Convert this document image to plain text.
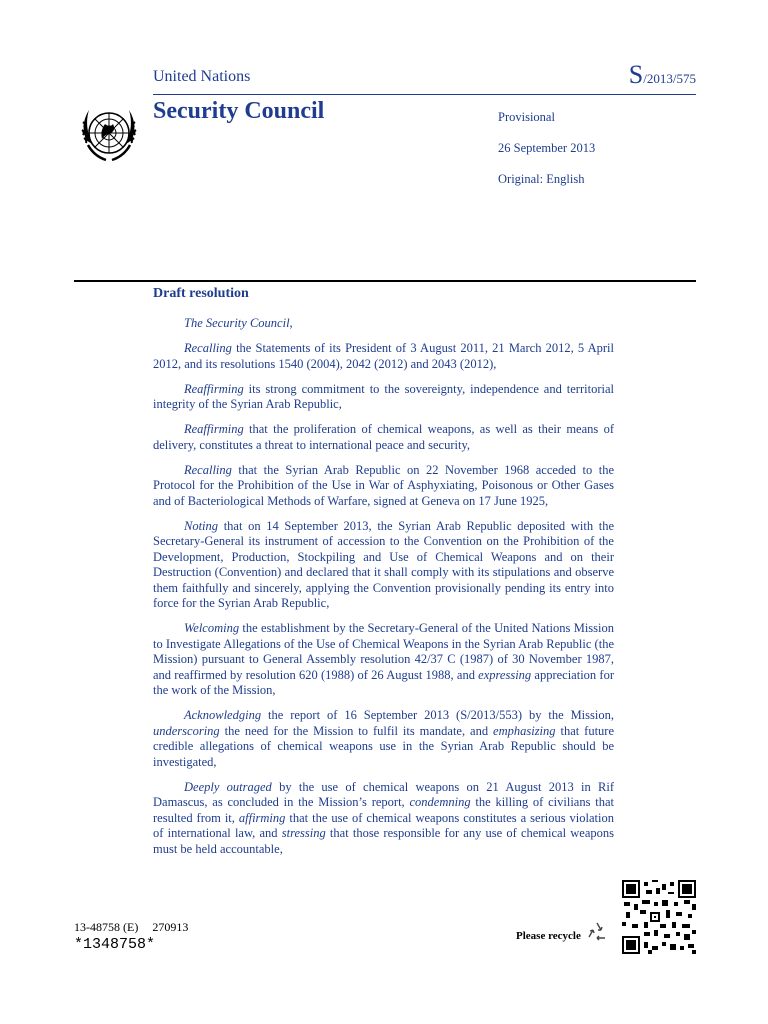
United Nations	S/2013/575
Security Council	Provisional
26 September 2013
Original: English
Draft resolution

The Security Council,

Recalling the Statements of its President of 3 August 2011, 21 March 2012, 5 April 2012, and its resolutions 1540 (2004), 2042 (2012) and 2043 (2012),

Reaffirming its strong commitment to the sovereignty, independence and territorial integrity of the Syrian Arab Republic,

Reaffirming that the proliferation of chemical weapons, as well as their means of delivery, constitutes a threat to international peace and security,

Recalling that the Syrian Arab Republic on 22 November 1968 acceded to the Protocol for the Prohibition of the Use in War of Asphyxiating, Poisonous or Other Gases and of Bacteriological Methods of Warfare, signed at Geneva on 17 June 1925,

Noting that on 14 September 2013, the Syrian Arab Republic deposited with the Secretary-General its instrument of accession to the Convention on the Prohibition of the Development, Production, Stockpiling and Use of Chemical Weapons and on their Destruction (Convention) and declared that it shall comply with its stipulations and observe them faithfully and sincerely, applying the Convention provisionally pending its entry into force for the Syrian Arab Republic,

Welcoming the establishment by the Secretary-General of the United Nations Mission to Investigate Allegations of the Use of Chemical Weapons in the Syrian Arab Republic (the Mission) pursuant to General Assembly resolution 42/37 C (1987) of 30 November 1987, and reaffirmed by resolution 620 (1988) of 26 August 1988, and expressing appreciation for the work of the Mission,

Acknowledging the report of 16 September 2013 (S/2013/553) by the Mission, underscoring the need for the Mission to fulfil its mandate, and emphasizing that future credible allegations of chemical weapons use in the Syrian Arab Republic should be investigated,

Deeply outraged by the use of chemical weapons on 21 August 2013 in Rif Damascus, as concluded in the Mission’s report, condemning the killing of civilians that resulted from it, affirming that the use of chemical weapons constitutes a serious violation of international law, and stressing that those responsible for any use of chemical weapons must be held accountable,

13-48758 (E) 270913
*1348758*	Please recycle
